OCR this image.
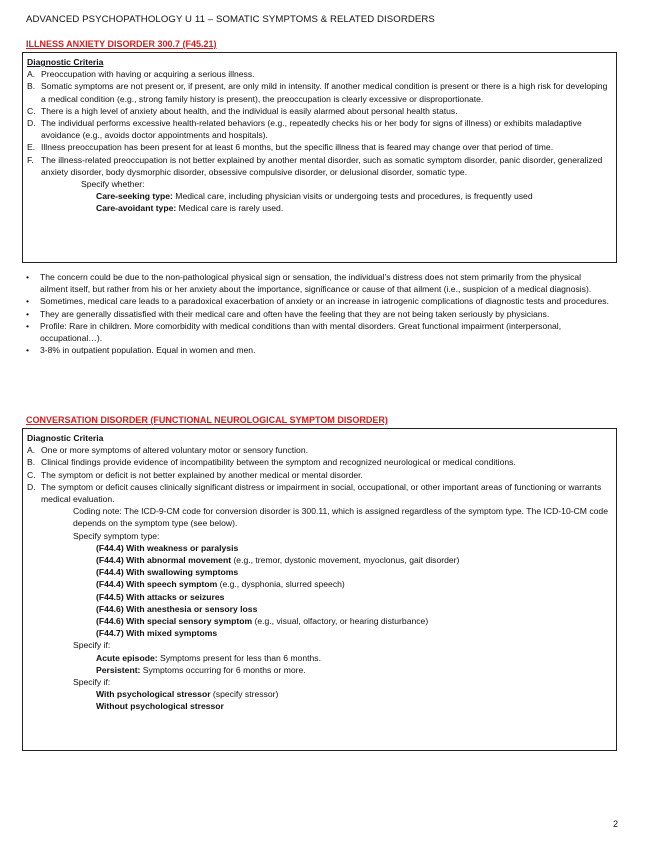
ADVANCED PSYCHOPATHOLOGY U 11 – SOMATIC SYMPTOMS & RELATED DISORDERS
ILLNESS ANXIETY DISORDER 300.7 (F45.21)
Diagnostic Criteria
A. Preoccupation with having or acquiring a serious illness.
B. Somatic symptoms are not present or, if present, are only mild in intensity. If another medical condition is present or there is a high risk for developing a medical condition (e.g., strong family history is present), the preoccupation is clearly excessive or disproportionate.
C. There is a high level of anxiety about health, and the individual is easily alarmed about personal health status.
D. The individual performs excessive health-related behaviors (e.g., repeatedly checks his or her body for signs of illness) or exhibits maladaptive avoidance (e.g., avoids doctor appointments and hospitals).
E. Illness preoccupation has been present for at least 6 months, but the specific illness that is feared may change over that period of time.
F. The illness-related preoccupation is not better explained by another mental disorder, such as somatic symptom disorder, panic disorder, generalized anxiety disorder, body dysmorphic disorder, obsessive compulsive disorder, or delusional disorder, somatic type.
Specify whether:
Care-seeking type: Medical care, including physician visits or undergoing tests and procedures, is frequently used
Care-avoidant type: Medical care is rarely used.
•	The concern could be due to the non-pathological physical sign or sensation, the individual’s distress does not stem primarily from the physical ailment itself, but rather from his or her anxiety about the importance, significance or cause of that ailment (i.e., suspicion of a medical diagnosis).
•	Sometimes, medical care leads to a paradoxical exacerbation of anxiety or an increase in iatrogenic complications of diagnostic tests and procedures.
•	They are generally dissatisfied with their medical care and often have the feeling that they are not being taken seriously by physicians.
•	Profile: Rare in children. More comorbidity with medical conditions than with mental disorders. Great functional impairment (interpersonal, occupational…).
•	3-8% in outpatient population. Equal in women and men.
CONVERSATION DISORDER (FUNCTIONAL NEUROLOGICAL SYMPTOM DISORDER)
Diagnostic Criteria
A. One or more symptoms of altered voluntary motor or sensory function.
B. Clinical findings provide evidence of incompatibility between the symptom and recognized neurological or medical conditions.
C. The symptom or deficit is not better explained by another medical or mental disorder.
D. The symptom or deficit causes clinically significant distress or impairment in social, occupational, or other important areas of functioning or warrants medical evaluation.
Coding note: The ICD-9-CM code for conversion disorder is 300.11, which is assigned regardless of the symptom type. The ICD-10-CM code depends on the symptom type (see below).
Specify symptom type:
(F44.4) With weakness or paralysis
(F44.4) With abnormal movement (e.g., tremor, dystonic movement, myoclonus, gait disorder)
(F44.4) With swallowing symptoms
(F44.4) With speech symptom (e.g., dysphonia, slurred speech)
(F44.5) With attacks or seizures
(F44.6) With anesthesia or sensory loss
(F44.6) With special sensory symptom (e.g., visual, olfactory, or hearing disturbance)
(F44.7) With mixed symptoms
Specify if:
Acute episode: Symptoms present for less than 6 months.
Persistent: Symptoms occurring for 6 months or more.
Specify if:
With psychological stressor (specify stressor)
Without psychological stressor
2
